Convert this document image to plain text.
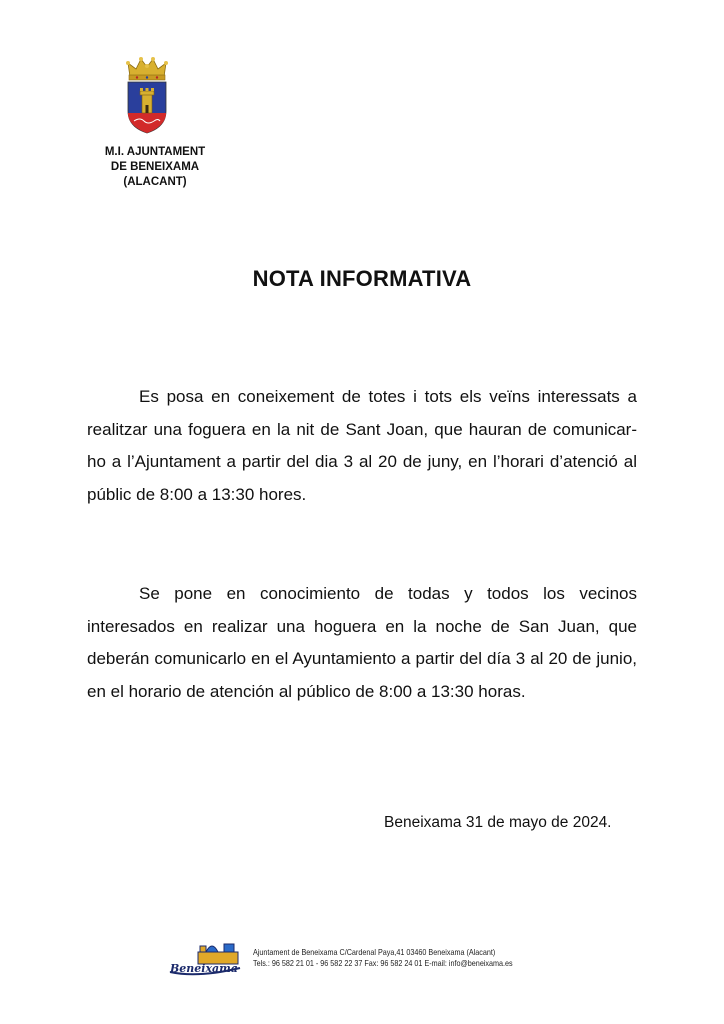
M.I. AJUNTAMENT
DE BENEIXAMA
(ALACANT)
NOTA INFORMATIVA

Es posa en coneixement de totes i tots els veïns interessats a realitzar una foguera en la nit de Sant Joan, que hauran de comunicar-ho a l’Ajuntament a partir del dia 3 al 20 de juny, en l’horari d’atenció al públic de 8:00 a 13:30 hores.

Se pone en conocimiento de todas y todos los vecinos interesados en realizar una hoguera en la noche de San Juan, que deberán comunicarlo en el Ayuntamiento a partir del día 3 al 20 de junio, en el horario de atención al público de 8:00 a 13:30 horas.

Beneixama 31 de mayo de 2024.
Beneixama
Ajuntament de Beneixama C/Cardenal Paya,41 03460 Beneixama (Alacant)
Tels.: 96 582 21 01 - 96 582 22 37 Fax: 96 582 24 01 E-mail: info@beneixama.es
